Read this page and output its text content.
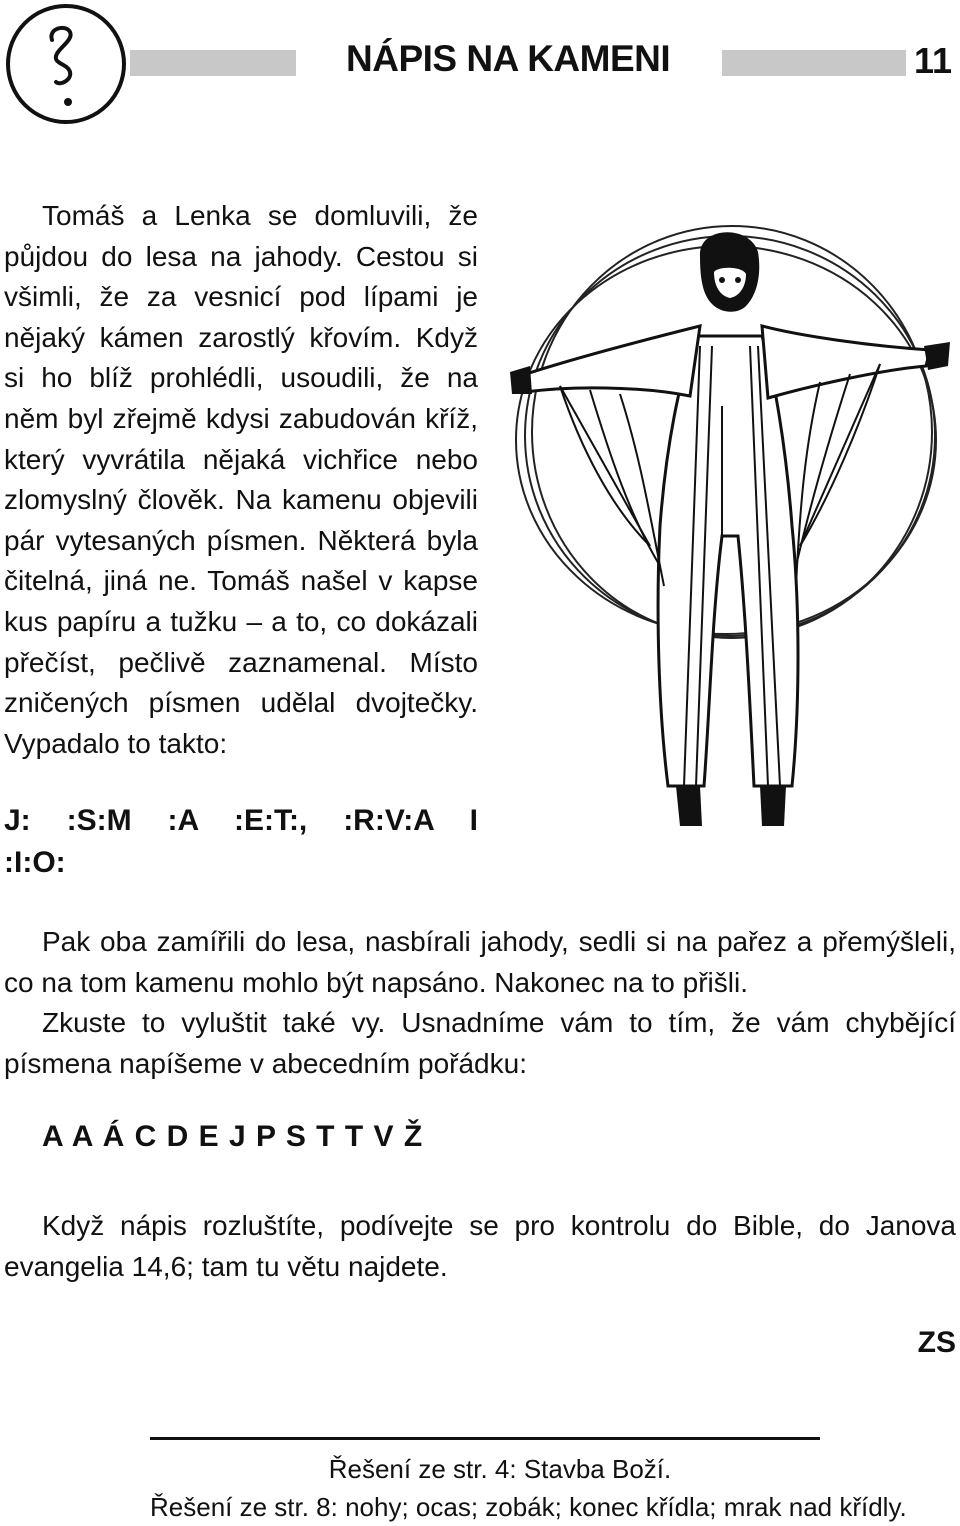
NÁPIS NA KAMENI	11

Tomáš a Lenka se domluvili, že půjdou do lesa na jahody. Cestou si všimli, že za vesnicí pod lípami je nějaký kámen zarostlý křovím. Když si ho blíž prohlédli, usoudili, že na něm byl zřejmě kdysi zabudován kříž, který vyvrátila nějaká vichřice nebo zlomyslný člověk. Na kamenu objevili pár vytesaných písmen. Některá byla čitelná, jiná ne. Tomáš našel v kapse kus papíru a tužku – a to, co dokázali přečíst, pečlivě zaznamenal. Místo zničených písmen udělal dvojtečky. Vypadalo to takto:

J: :S:M :A :E:T:, :R:V:A I
:I:O:

Pak oba zamířili do lesa, nasbírali jahody, sedli si na pařez a přemýšleli, co na tom kamenu mohlo být napsáno. Nakonec na to přišli.

Zkuste to vyluštit také vy. Usnadníme vám to tím, že vám chybějící písmena napíšeme v abecedním pořádku:

A A Á C D E J P S T T V Ž

Když nápis rozluštíte, podívejte se pro kontrolu do Bible, do Janova evangelia 14,6; tam tu větu najdete.

ZS
Řešení ze str. 4: Stavba Boží.
Řešení ze str. 8: nohy; ocas; zobák; konec křídla; mrak nad křídly.
